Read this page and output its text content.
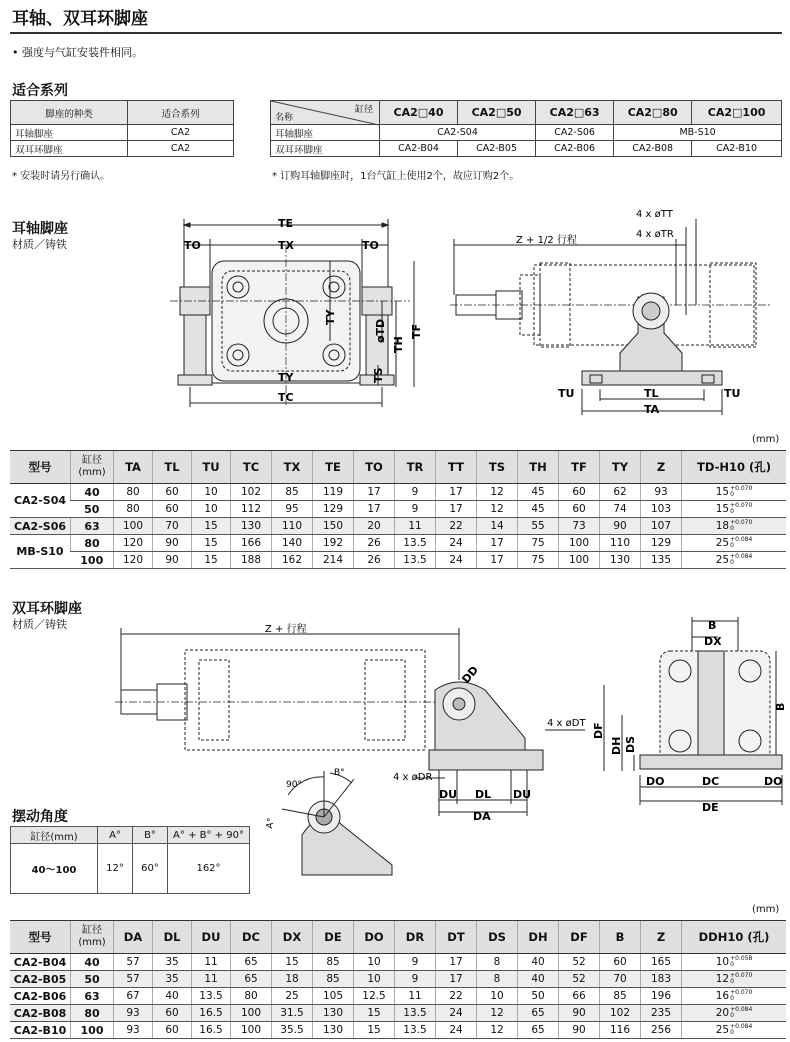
耳轴、双耳环脚座
• 强度与气缸安装件相同。
适合系列
脚座的种类	适合系列
耳轴脚座	CA2
双耳环脚座	CA2
* 安装时请另行确认。
缸径
名称	CA2□40	CA2□50	CA2□63	CA2□80	CA2□100
耳轴脚座	CA2-S04		CA2-S06	MB-S10	
双耳环脚座	CA2-B04	CA2-B05	CA2-B06	CA2-B08	CA2-B10
* 订购耳轴脚座时，1台气缸上使用2个，故应订购2个。
耳轴脚座
材质／铸铁
TE
TO	TX	TO
TY
TC
TY
øTD
TH
TF
TS
4 x øTT
4 x øTR
Z + 1/2 行程
TU	TL	TU
TA
(mm)
型号	缸径
(mm)	TA	TL	TU	TC	TX	TE	TO	TR	TT	TS	TH	TF	TY	Z	TD-H10 (孔)
CA2-S04	40	80	60	10	102	85	119	17	9	17	12	45	60	62	93	15+0.070
0
	50	80	60	10	112	95	129	17	9	17	12	45	60	74	103	15+0.070
0
CA2-S06	63	100	70	15	130	110	150	20	11	22	14	55	73	90	107	18+0.070
0
MB-S10	80	120	90	15	166	140	192	26	13.5	24	17	75	100	110	129	25+0.084
0
	100	120	90	15	188	162	214	26	13.5	24	17	75	100	130	135	25+0.084
0
双耳环脚座
材质／铸铁	Z + 行程
DD
4 x øDT
4 x øDR
DU DL DU
DA
B
DX
B
DF
DH DS
DO	DC	DO
DE
摆动角度
缸径(mm)	A°	B°	A° + B° + 90°
40～100	12°	60°	162°
90°
B°
A°
(mm)
型号	缸径
(mm)	DA	DL	DU	DC	DX	DE	DO	DR	DT	DS	DH	DF	B	Z	DDH10 (孔)
CA2-B04	40	57	35	11	65	15	85	10	9	17	8	40	52	60	165	10+0.058
0
CA2-B05	50	57	35	11	65	18	85	10	9	17	8	40	52	70	183	12+0.070
0
CA2-B06	63	67	40	13.5	80	25	105	12.5	11	22	10	50	66	85	196	16+0.070
0
CA2-B08	80	93	60	16.5	100	31.5	130	15	13.5	24	12	65	90	102	235	20+0.084
0
CA2-B10	100	93	60	16.5	100	35.5	130	15	13.5	24	12	65	90	116	256	25+0.084
0
